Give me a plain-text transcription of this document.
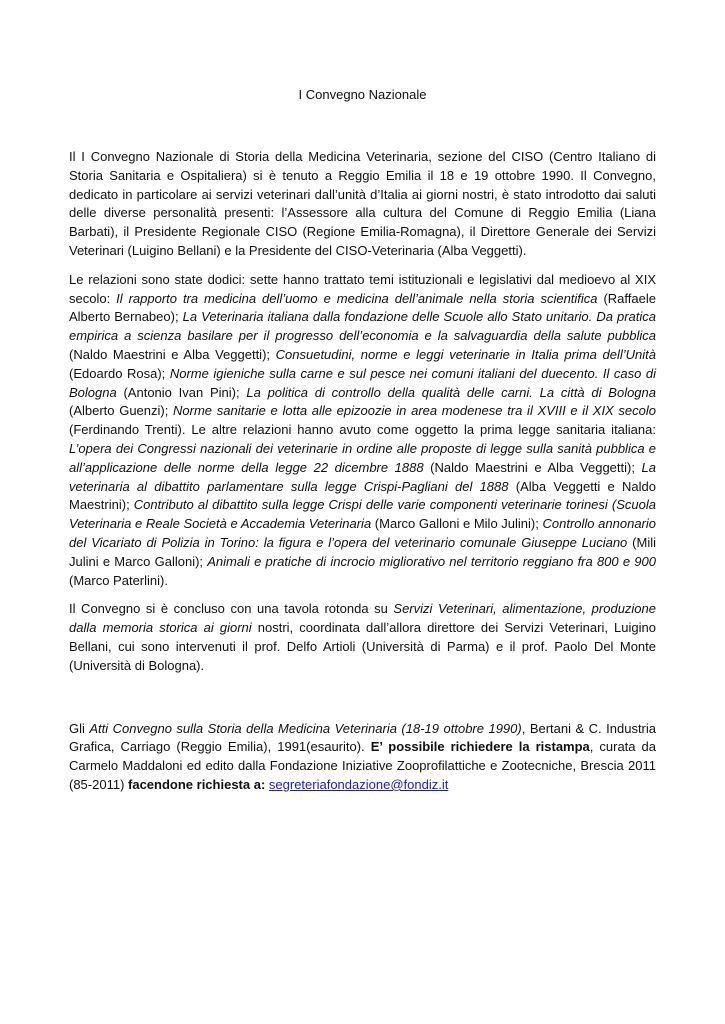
I Convegno Nazionale

Il I Convegno Nazionale di Storia della Medicina Veterinaria, sezione del CISO (Centro Italiano di Storia Sanitaria e Ospitaliera) si è tenuto a Reggio Emilia il 18 e 19 ottobre 1990. Il Convegno, dedicato in particolare ai servizi veterinari dall’unità d’Italia ai giorni nostri, è stato introdotto dai saluti delle diverse personalità presenti: l’Assessore alla cultura del Comune di Reggio Emilia (Liana Barbati), il Presidente Regionale CISO (Regione Emilia-Romagna), il Direttore Generale dei Servizi Veterinari (Luigino Bellani) e la Presidente del CISO-Veterinaria (Alba Veggetti).

Le relazioni sono state dodici: sette hanno trattato temi istituzionali e legislativi dal medioevo al XIX secolo: Il rapporto tra medicina dell’uomo e medicina dell’animale nella storia scientifica (Raffaele Alberto Bernabeo); La Veterinaria italiana dalla fondazione delle Scuole allo Stato unitario. Da pratica empirica a scienza basilare per il progresso dell’economia e la salvaguardia della salute pubblica (Naldo Maestrini e Alba Veggetti); Consuetudini, norme e leggi veterinarie in Italia prima dell’Unità (Edoardo Rosa); Norme igieniche sulla carne e sul pesce nei comuni italiani del duecento. Il caso di Bologna (Antonio Ivan Pini); La politica di controllo della qualità delle carni. La città di Bologna (Alberto Guenzi); Norme sanitarie e lotta alle epizoozie in area modenese tra il XVIII e il XIX secolo (Ferdinando Trenti). Le altre relazioni hanno avuto come oggetto la prima legge sanitaria italiana: L’opera dei Congressi nazionali dei veterinarie in ordine alle proposte di legge sulla sanità pubblica e all’applicazione delle norme della legge 22 dicembre 1888 (Naldo Maestrini e Alba Veggetti); La veterinaria al dibattito parlamentare sulla legge Crispi-Pagliani del 1888 (Alba Veggetti e Naldo Maestrini); Contributo al dibattito sulla legge Crispi delle varie componenti veterinarie torinesi (Scuola Veterinaria e Reale Società e Accademia Veterinaria (Marco Galloni e Milo Julini); Controllo annonario del Vicariato di Polizia in Torino: la figura e l’opera del veterinario comunale Giuseppe Luciano (Mili Julini e Marco Galloni); Animali e pratiche di incrocio migliorativo nel territorio reggiano fra 800 e 900 (Marco Paterlini).

Il Convegno si è concluso con una tavola rotonda su Servizi Veterinari, alimentazione, produzione dalla memoria storica ai giorni nostri, coordinata dall’allora direttore dei Servizi Veterinari, Luigino Bellani, cui sono intervenuti il prof. Delfo Artioli (Università di Parma) e il prof. Paolo Del Monte (Università di Bologna).

Gli Atti Convegno sulla Storia della Medicina Veterinaria (18-19 ottobre 1990), Bertani & C. Industria Grafica, Carriago (Reggio Emilia), 1991(esaurito). E’ possibile richiedere la ristampa, curata da Carmelo Maddaloni ed edito dalla Fondazione Iniziative Zooprofilattiche e Zootecniche, Brescia 2011 (85-2011) facendone richiesta a: segreteriafondazione@fondiz.it
